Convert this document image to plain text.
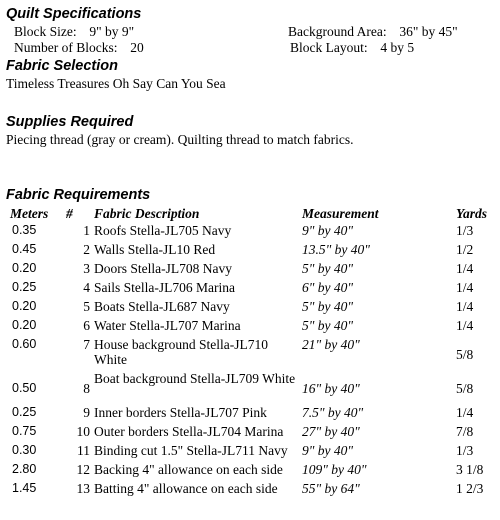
Quilt Specifications
Block Size: 9" by 9"
Number of Blocks: 20
Background Area: 36" by 45"
Block Layout: 4 by 5
Fabric Selection
Timeless Treasures Oh Say Can You Sea
Supplies Required
Piecing thread (gray or cream). Quilting thread to match fabrics.
Fabric Requirements
Meters	#	Fabric Description	Measurement	Yards
0.35	1	Roofs Stella-JL705 Navy	9" by 40"	1/3
0.45	2	Walls Stella-JL10 Red	13.5" by 40"	1/2
0.20	3	Doors Stella-JL708 Navy	5" by 40"	1/4
0.25	4	Sails Stella-JL706 Marina	6" by 40"	1/4
0.20	5	Boats Stella-JL687 Navy	5" by 40"	1/4
0.20	6	Water Stella-JL707 Marina	5" by 40"	1/4
0.60	7	House background Stella-JL710 White	21" by 40"	5/8
0.50	8	Boat background Stella-JL709 White	16" by 40"	5/8
0.25	9	Inner borders Stella-JL707 Pink	7.5" by 40"	1/4
0.75	10	Outer borders Stella-JL704 Marina	27" by 40"	7/8
0.30	11	Binding cut 1.5" Stella-JL711 Navy	9" by 40"	1/3
2.80	12	Backing 4" allowance on each side	109" by 40"	3 1/8
1.45	13	Batting 4" allowance on each side	55" by 64"	1 2/3
